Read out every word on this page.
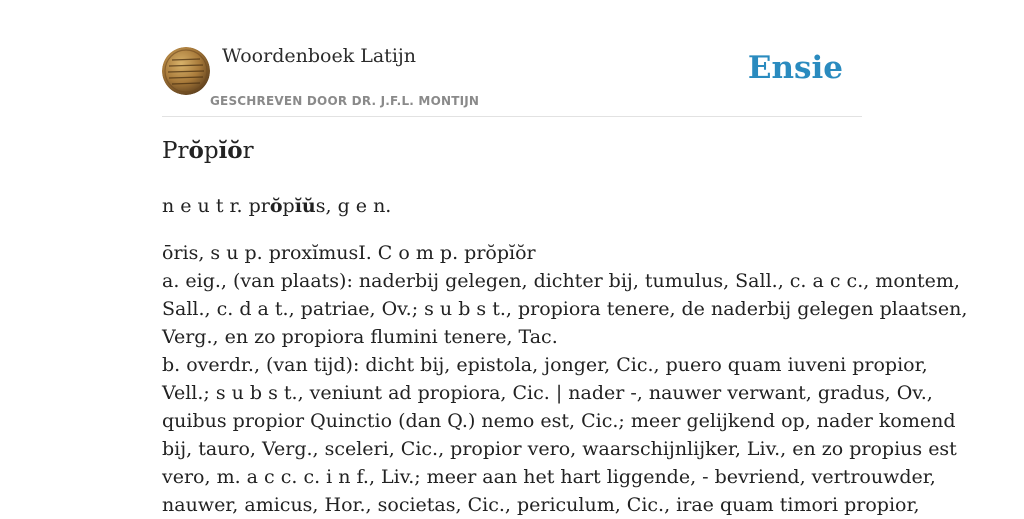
Woordenboek Latijn
GESCHREVEN DOOR DR. J.F.L. MONTIJN
Ensie
Prŏpĭŏr
n e u t r. prŏpĭŭs, g e n.
ōris, s u p. proxĭmusI. C o m p. prŏpĭŏr
a. eig., (van plaats): naderbij gelegen, dichter bij, tumulus, Sall., c. a c c., montem,
Sall., c. d a t., patriae, Ov.; s u b s t., propiora tenere, de naderbij gelegen plaatsen,
Verg., en zo propiora flumini tenere, Tac.
b. overdr., (van tijd): dicht bij, epistola, jonger, Cic., puero quam iuveni propior,
Vell.; s u b s t., veniunt ad propiora, Cic. | nader -, nauwer verwant, gradus, Ov.,
quibus propior Quinctio (dan Q.) nemo est, Cic.; meer gelijkend op, nader komend
bij, tauro, Verg., sceleri, Cic., propior vero, waarschijnlijker, Liv., en zo propius est
vero, m. a c c. c. i n f., Liv.; meer aan het hart liggende, - bevriend, vertrouwder,
nauwer, amicus, Hor., societas, Cic., periculum, Cic., irae quam timori propior,
